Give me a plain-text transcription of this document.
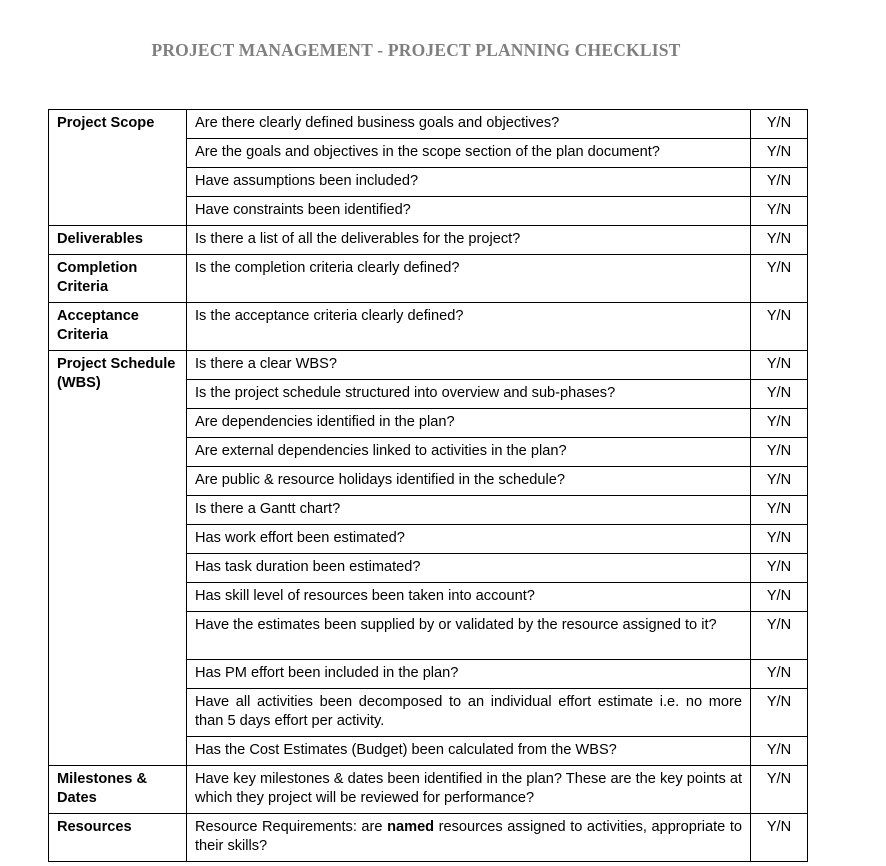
PROJECT MANAGEMENT - PROJECT PLANNING CHECKLIST
Project Scope	Are there clearly defined business goals and objectives?	Y/N
	Are the goals and objectives in the scope section of the plan document?	Y/N
	Have assumptions been included?	Y/N
	Have constraints been identified?	Y/N
Deliverables	Is there a list of all the deliverables for the project?	Y/N
Completion Criteria	Is the completion criteria clearly defined?	Y/N
Acceptance Criteria	Is the acceptance criteria clearly defined?	Y/N
Project Schedule (WBS)	Is there a clear WBS?	Y/N
	Is the project schedule structured into overview and sub-phases?	Y/N
	Are dependencies identified in the plan?	Y/N
	Are external dependencies linked to activities in the plan?	Y/N
	Are public & resource holidays identified in the schedule?	Y/N
	Is there a Gantt chart?	Y/N
	Has work effort been estimated?	Y/N
	Has task duration been estimated?	Y/N
	Has skill level of resources been taken into account?	Y/N
	Have the estimates been supplied by or validated by the resource assigned to it?	Y/N
	Has PM effort been included in the plan?	Y/N
	Have all activities been decomposed to an individual effort estimate i.e. no more than 5 days effort per activity.	Y/N
	Has the Cost Estimates (Budget) been calculated from the WBS?	Y/N
Milestones & Dates	Have key milestones & dates been identified in the plan? These are the key points at which they project will be reviewed for performance?	Y/N
Resources	Resource Requirements: are named resources assigned to activities, appropriate to their skills?	Y/N
